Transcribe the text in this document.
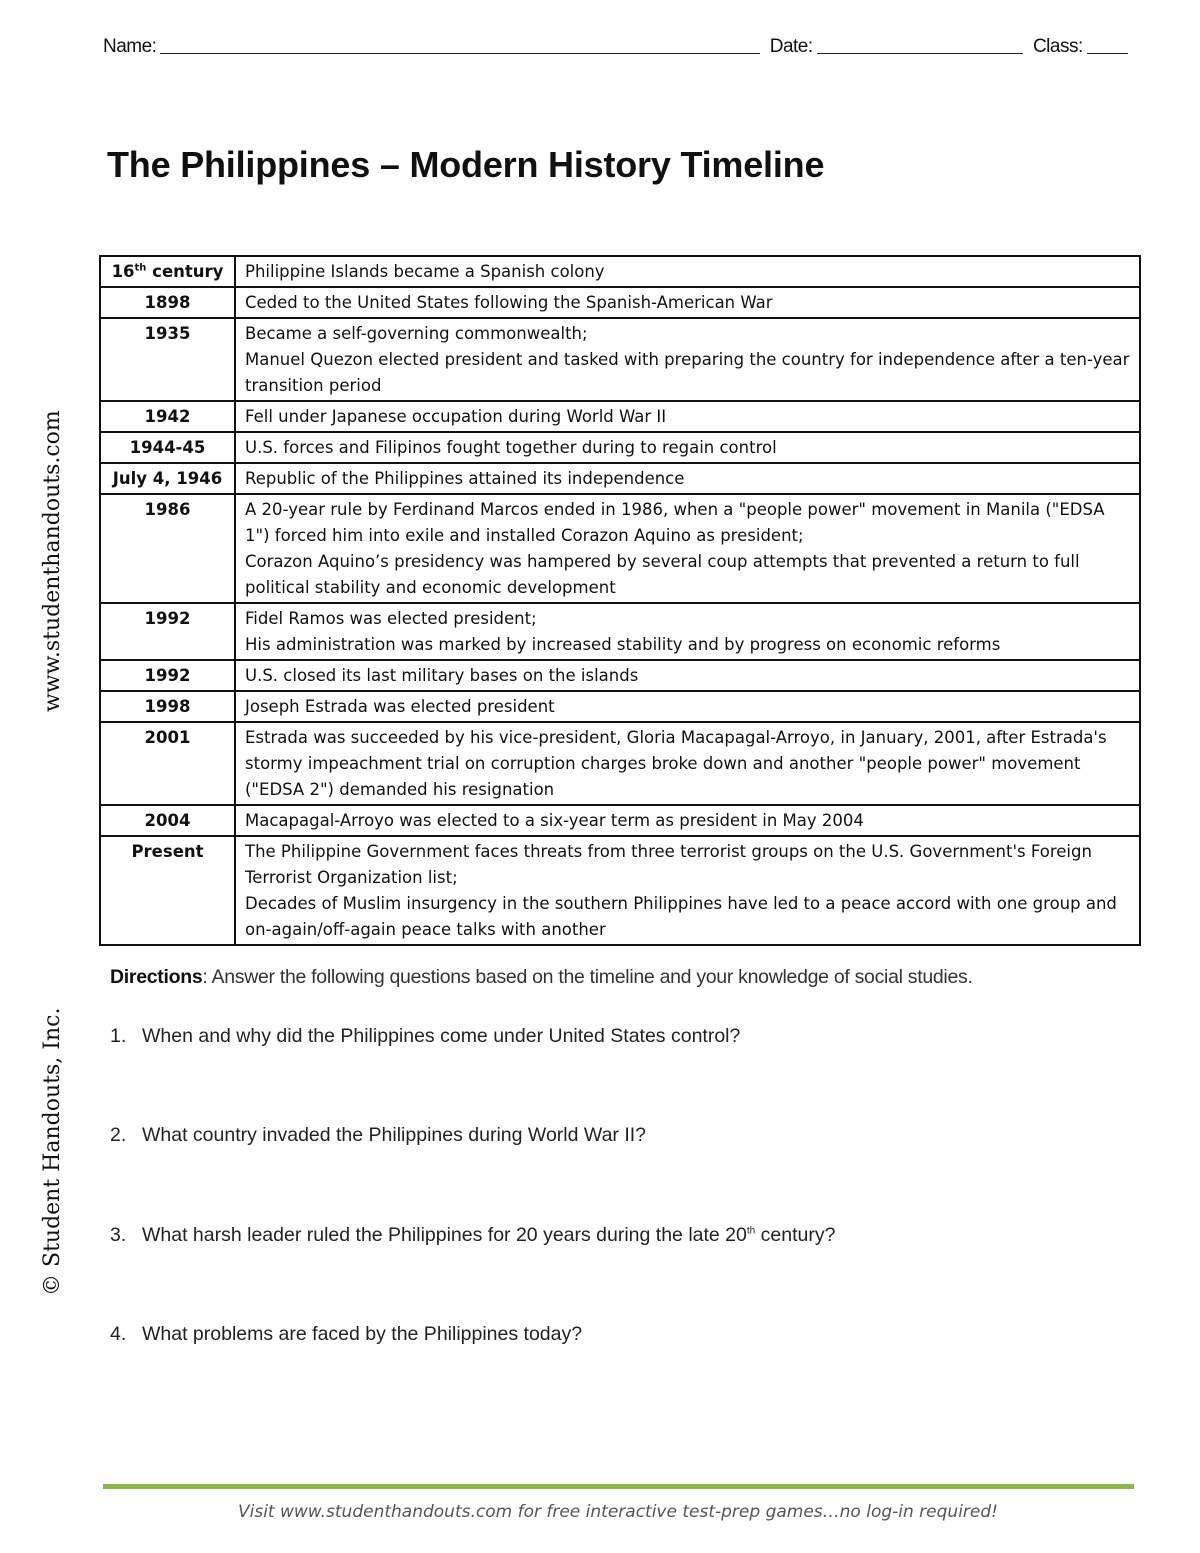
Name:	Date:	Class:
The Philippines – Modern History Timeline
www.studenthandouts.com
© Student Handouts, Inc.
16th century	Philippine Islands became a Spanish colony

1898	Ceded to the United States following the Spanish-American War

1935	Became a self-governing commonwealth;
Manuel Quezon elected president and tasked with preparing the country for independence after a ten-year transition period

1942	Fell under Japanese occupation during World War II

1944-45	U.S. forces and Filipinos fought together during to regain control

July 4, 1946	Republic of the Philippines attained its independence

1986	A 20-year rule by Ferdinand Marcos ended in 1986, when a "people power" movement in Manila ("EDSA 1") forced him into exile and installed Corazon Aquino as president;
Corazon Aquino’s presidency was hampered by several coup attempts that prevented a return to full political stability and economic development

1992	Fidel Ramos was elected president;
His administration was marked by increased stability and by progress on economic reforms

1992	U.S. closed its last military bases on the islands

1998	Joseph Estrada was elected president

2001	Estrada was succeeded by his vice-president, Gloria Macapagal-Arroyo, in January, 2001, after Estrada's stormy impeachment trial on corruption charges broke down and another "people power" movement ("EDSA 2") demanded his resignation

2004	Macapagal-Arroyo was elected to a six-year term as president in May 2004

Present	The Philippine Government faces threats from three terrorist groups on the U.S. Government's Foreign Terrorist Organization list;
Decades of Muslim insurgency in the southern Philippines have led to a peace accord with one group and on-again/off-again peace talks with another
Directions: Answer the following questions based on the timeline and your knowledge of social studies.
1. When and why did the Philippines come under United States control?
2. What country invaded the Philippines during World War II?
3. What harsh leader ruled the Philippines for 20 years during the late 20th century?
4. What problems are faced by the Philippines today?
Visit www.studenthandouts.com for free interactive test-prep games…no log-in required!
